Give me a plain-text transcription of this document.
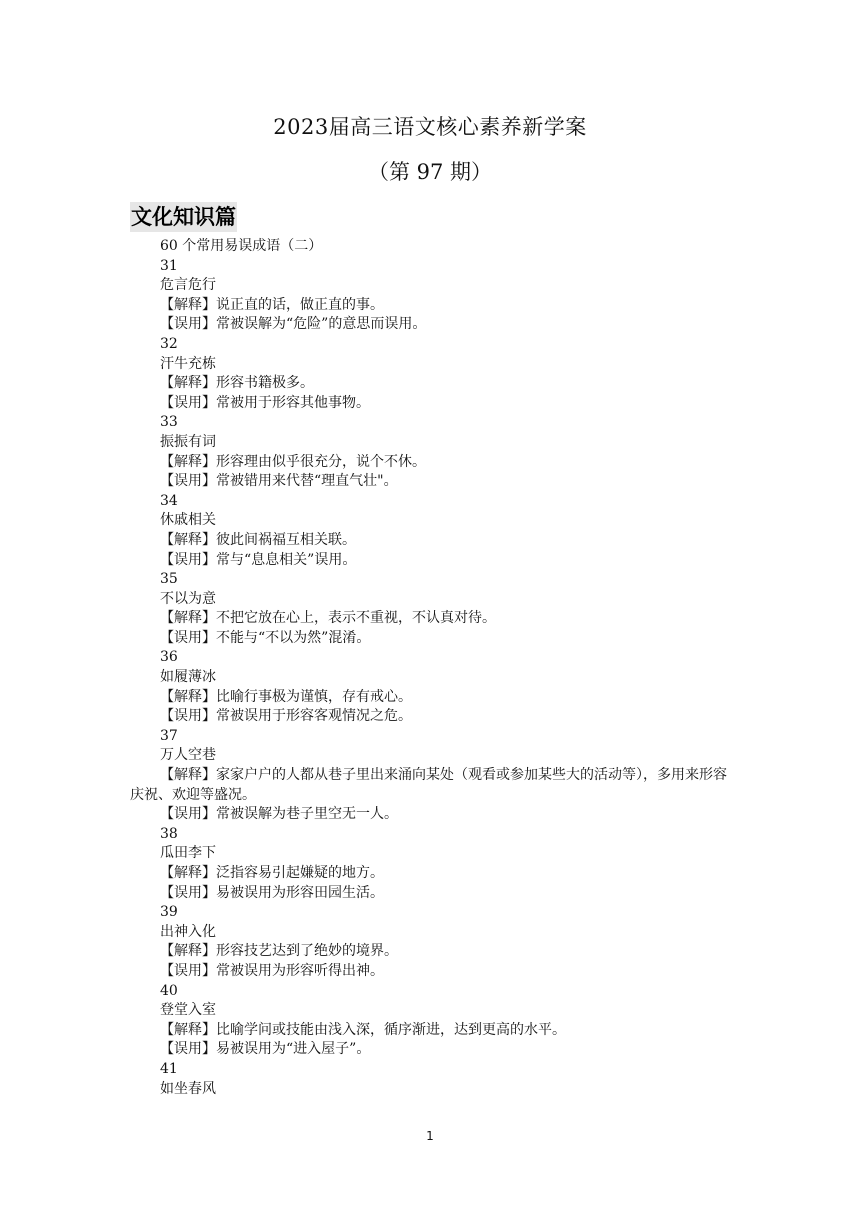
2023届高三语文核心素养新学案
（第 97 期）
文化知识篇
60 个常用易误成语（二）
31
危言危行
【解释】说正直的话，做正直的事。
【误用】常被误解为“危险”的意思而误用。
32
汗牛充栋
【解释】形容书籍极多。
【误用】常被用于形容其他事物。
33
振振有词
【解释】形容理由似乎很充分，说个不休。
【误用】常被错用来代替“理直气壮"。
34
休戚相关
【解释】彼此间祸福互相关联。
【误用】常与“息息相关”误用。
35
不以为意
【解释】不把它放在心上，表示不重视，不认真对待。
【误用】不能与“不以为然”混淆。
36
如履薄冰
【解释】比喻行事极为谨慎，存有戒心。
【误用】常被误用于形容客观情况之危。
37
万人空巷
【解释】家家户户的人都从巷子里出来涌向某处（观看或参加某些大的活动等），多用来形容庆祝、欢迎等盛况。
【误用】常被误解为巷子里空无一人。
38
瓜田李下
【解释】泛指容易引起嫌疑的地方。
【误用】易被误用为形容田园生活。
39
出神入化
【解释】形容技艺达到了绝妙的境界。
【误用】常被误用为形容听得出神。
40
登堂入室
【解释】比喻学问或技能由浅入深，循序渐进，达到更高的水平。
【误用】易被误用为“进入屋子”。
41
如坐春风
1
